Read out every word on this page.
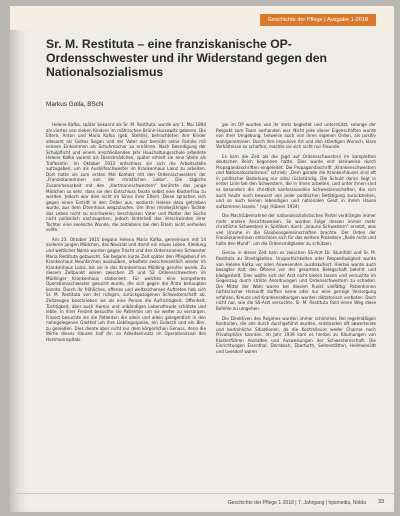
Geschichte der Pflege | Ausgabe 1·2018
Sr. M. Restituta – eine franziskanische OP-Ordensschwester und ihr Widerstand gegen den Nationalsozialismus
Markus Golla, BScN

Helene Kafka, später bekannt als Sr. M. Restituta, wurde am 1. Mai 1894 als viertes von sieben Kindern im mährischen Brünn-Hussowitz geboren. Die Eltern, Anton und Maria Kafka (geb. Stehlik), betrachteten ihre Kinder allesamt als Gottes Segen und der Vater war bemüht seine Familie mit seinem Einkommen als Schuhmacher zu ernähren. Nach Beendigung der Schulpflicht und einem anschließenden Jahr Haushaltungsschule arbeitete Helene Kafka vorerst als Dienstmädchen, später erhielt sie eine Stelle als Trafikantin. Im Oktober 1913 entschloss sie sich die Arbeitsstelle aufzugeben, um als Aushilfsschwester im Krankenhaus Lainz zu arbeiten. Dort hatte sie zum ersten Mal Kontakt mit den Ordensschwestern der „Franziskanerinnen von der christlichen Liebe“. Die tägliche Zusammenarbeit mit den „Hartmannschwestern“ berührte das junge Mädchen so sehr, dass sie den Entschluss fasste selbst eine Klosterfrau zu werden. Jedoch war dies nicht im Sinne ihrer Eltern. Diese sprachen sich gegen einen Eintritt in den Orden aus, wodurch Helene dazu getrieben wurde, aus dem Elternhaus wegzulaufen. Um ihrer minderjährigen Tochter das Leben nicht zu erschweren, beschlossen Vater und Mutter der Suche nicht polizeilich nachzugehen, jedoch hinterließ das Verschwinden ihrer Tochter eine seelische Wunde, die zeitlebens bei den Eltern nicht verheilen sollte.

Am 23. Oktober 1915 begann Helena Maria Kafka, gemeinsam mit 14 anderen jungen Mädchen, das Noviziat und damit ein neues Leben. Kleidung und weltlicher Name wurden gegen Tracht und den Ordensnamen Schwester Maria Restituta getauscht. Sie begann kurze Zeit später den Pflegeberuf im Krankenhaus Neunkirchen auszuüben, arbeitete zwischenzeitlich wieder im Krankenhaus Lainz, bis sie in das Krankenhaus Mödling gerufen wurde. Zu diesem Zeitpunkt waren zwischen 25 und 52 Ordensschwestern im Mödlinger Krankenhaus stationiert. Für welches eine kompetente Operationsschwester gesucht wurde, die sich gegen die Ärzte behaupten konnte. Durch ihr fröhliches, offenes und weltzsichernes Auftreten hob sich Sr. M. Restituta von der ruhigen, zurückgezogenen Schwesterschaft ab. Zeitzeugen beschrieben sie als eine Person die Aufrichtigkeit, Offenheit, Tüchtigkeit, aber auch Humor und unbändigen Lebensfreude schätzte und lebte. In ihrer Freizeit besuchte sie Patienten um sie weiter zu versorgen. Frisiert besuchte sie die Patienten die allein und allein gelegentlich in den nahegelegenen Gasthof um ihre Lieblingsspeise, ein Gulasch und ein Bier, zu genießen. Dies diente aber nicht nur dem körperlichen Genuss, denn die Wirtin dieses Hauses half ihr, so Arbeitseinsatz im Operationssaal des Hartmannspitals.

gie im OP wurden von ihr stets begleitet und unterstützt, solange der Respekt zum Team vorhanden war. Nicht jede dieser Eigenschaften wurde von ihrer Umgebung, teilweise auch von ihren eigenen Orden, als positiv wahrgenommen. Durch ihre impulsive Art und den ständigen Wunsch, klare Verhältnisse zu schaffen, machte sie sich nicht nur Freunde.

Es kam die Zeit als die Jagd auf Ordensschwestern im kompletten deutschen Reich begonnen hatte. Dies wurde erst kleinweise durch Propagandaschriften eingeleitet. Die Propagandaschrift „Krankenschwestern und Nationalsozialismus“ schrieb: „Dem gerade die Krankenhäuser sind oft in politischer Beziehung nur allzu rückständig. Die Schuld daran liegt in erster Linie bei den Schwestern, die in ihnen arbeiten, und unter ihnen sind es besonders die christlich konfessionellen Schwesternschaften, die sich auch heute noch bewusst von jeder politischen Betätigung zurückziehen, und so auch keinen lebendigen und nationalen Geist in ihrem Hause aufkommen lassen.“ (vgl. Hübner 1934)

Die Machtübernahme der nationalsozialistischen Partei verdrängte immer mehr andere Ansichtsweisen. So wurden Folge dessen immer mehr christliche Schwestern in Spitälern durch „braune Schwestern“ ersetzt, was viel Unruhe in die Glaubensgemeinschaften brachte. Der Orden der Franziskanerinnen entschloss sich für das weitere Prozedere „Rede nicht und halte den Mund“, um die Ordensmitglieder zu schützen.

Genau in dieser Zeit kam es zwischen SS-Arzt Dr. Stumfohl und Sr. M. Restituta zu Streitigkeiten. Unsportlichkeiten oder Respektlosigkeit wurde von Helene Kafka vor allen Anwesenden ausdiskutiert. Hierbei wurde auch besagter Arzt des Öfteren vor der gesamten Belegschaft belehrt und bloßgestellt. Dies wollte sich der Arzt nicht bieten lassen und versuchte im Gegenzug durch strikte Anordnungen und Ordensschwestern zu schaden. Die Mittel der Wahl waren bei diesem Punkt vielfältig: Patientinnen nichtarischer Herkunft durften keine oder nur eine geringe Versorgung erfahren, Kreuze und Krankensalbungen wurden diktatorisch verboten. Doch nicht nur, wie die SS-Arzt versuchte, Sr. M. Restituta fand einen Weg diese Befehle zu umgehen.

Die Direktiven des Regimes wurden immer schlimmer. Bei regelmäßigen Kontrollen, die alle durch durchgeführt wurden, entstanden oft abwertende und bedrohliche Situationen, da die Kontrolleure weder Charme noch Privatsphäre kannten. Im Jahr 1939 kam es hierbei zu Räumungen von Klosterführen Anstalten und Ausweisungen der Schwesternschaft. Die Einrichtungen Eisenthal, Dornbach, Eberfurth, Seitenstätten, Hellmonsödt und Leesdorf waren

Geschichte der Pflege 1·2018 | 7. Jahrgang | hpsmedia, Nidda 33
